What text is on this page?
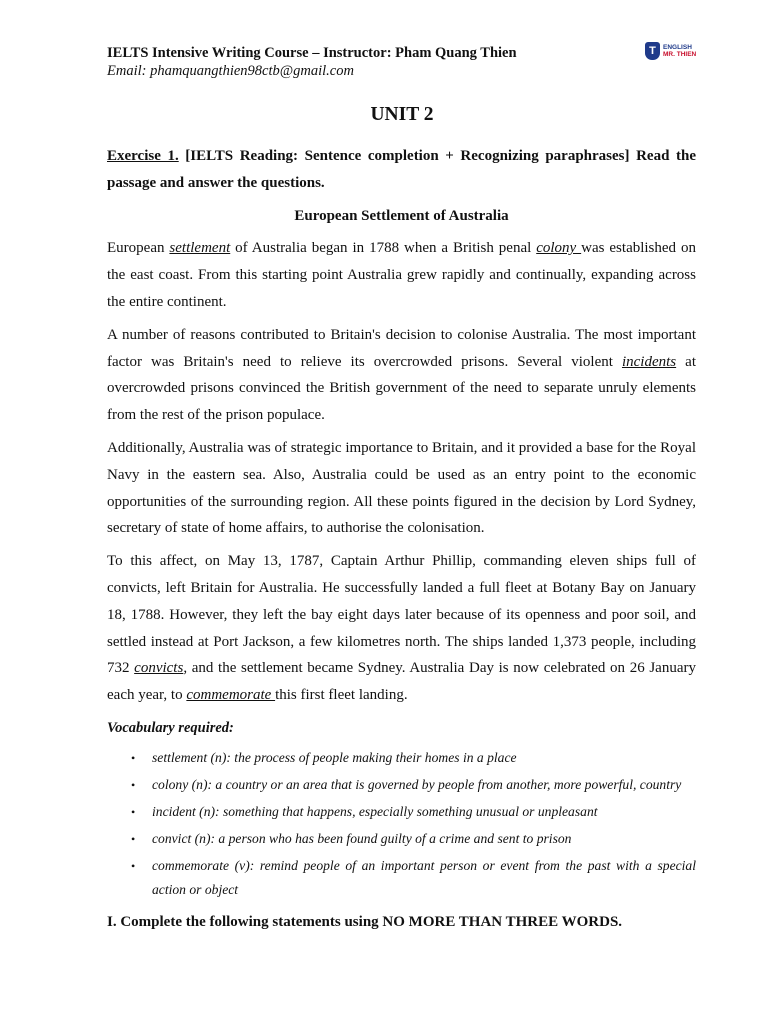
IELTS Intensive Writing Course – Instructor: Pham Quang Thien
Email: phamquangthien98ctb@gmail.com
T	ENGLISH
MR. THIEN
UNIT 2

Exercise 1. [IELTS Reading: Sentence completion + Recognizing paraphrases] Read the passage and answer the questions.

European Settlement of Australia

European settlement of Australia began in 1788 when a British penal colony was established on the east coast. From this starting point Australia grew rapidly and continually, expanding across the entire continent.

A number of reasons contributed to Britain's decision to colonise Australia. The most important factor was Britain's need to relieve its overcrowded prisons. Several violent incidents at overcrowded prisons convinced the British government of the need to separate unruly elements from the rest of the prison populace.

Additionally, Australia was of strategic importance to Britain, and it provided a base for the Royal Navy in the eastern sea. Also, Australia could be used as an entry point to the economic opportunities of the surrounding region. All these points figured in the decision by Lord Sydney, secretary of state of home affairs, to authorise the colonisation.

To this affect, on May 13, 1787, Captain Arthur Phillip, commanding eleven ships full of convicts, left Britain for Australia. He successfully landed a full fleet at Botany Bay on January 18, 1788. However, they left the bay eight days later because of its openness and poor soil, and settled instead at Port Jackson, a few kilometres north. The ships landed 1,373 people, including 732 convicts, and the settlement became Sydney. Australia Day is now celebrated on 26 January each year, to commemorate this first fleet landing.

Vocabulary required:

• settlement (n): the process of people making their homes in a place
• colony (n): a country or an area that is governed by people from another, more powerful, country
• incident (n): something that happens, especially something unusual or unpleasant
• convict (n): a person who has been found guilty of a crime and sent to prison
• commemorate (v): remind people of an important person or event from the past with a special action or object

I. Complete the following statements using NO MORE THAN THREE WORDS.
